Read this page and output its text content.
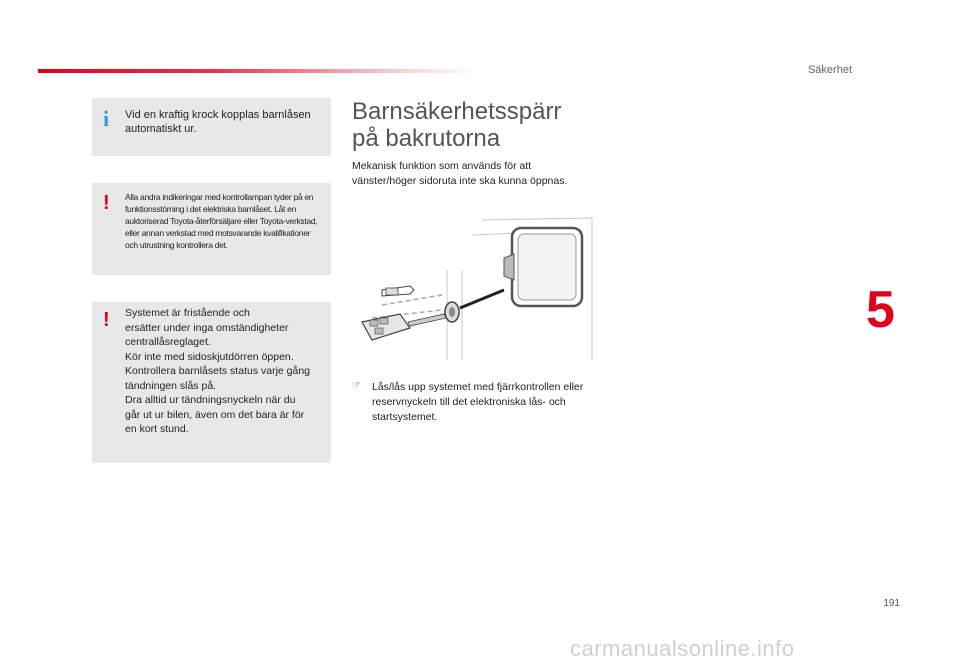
Säkerhet
5
i Vid en kraftig krock kopplas barnlåsen automatiskt ur.
! Alla andra indikeringar med kontrollampan tyder på en funktionsstörning i det elektriska barnlåset. Låt en auktoriserad Toyota-återförsäljare eller Toyota-verkstad, eller annan verkstad med motsvarande kvalifikationer och utrustning kontrollera det.
! Systemet är fristående och
ersätter under inga omständigheter
centrallåsreglaget.
Kör inte med sidoskjutdörren öppen.
Kontrollera barnlåsets status varje gång
tändningen slås på.
Dra alltid ur tändningsnyckeln när du
går ut ur bilen, även om det bara är för
en kort stund.
Barnsäkerhetsspärr
på bakrutorna
Mekanisk funktion som används för att vänster/höger sidoruta inte ska kunna öppnas.
☞ Lås/lås upp systemet med fjärrkontrollen eller reservnyckeln till det elektroniska lås- och startsystemet.
191
carmanualsonline.info
